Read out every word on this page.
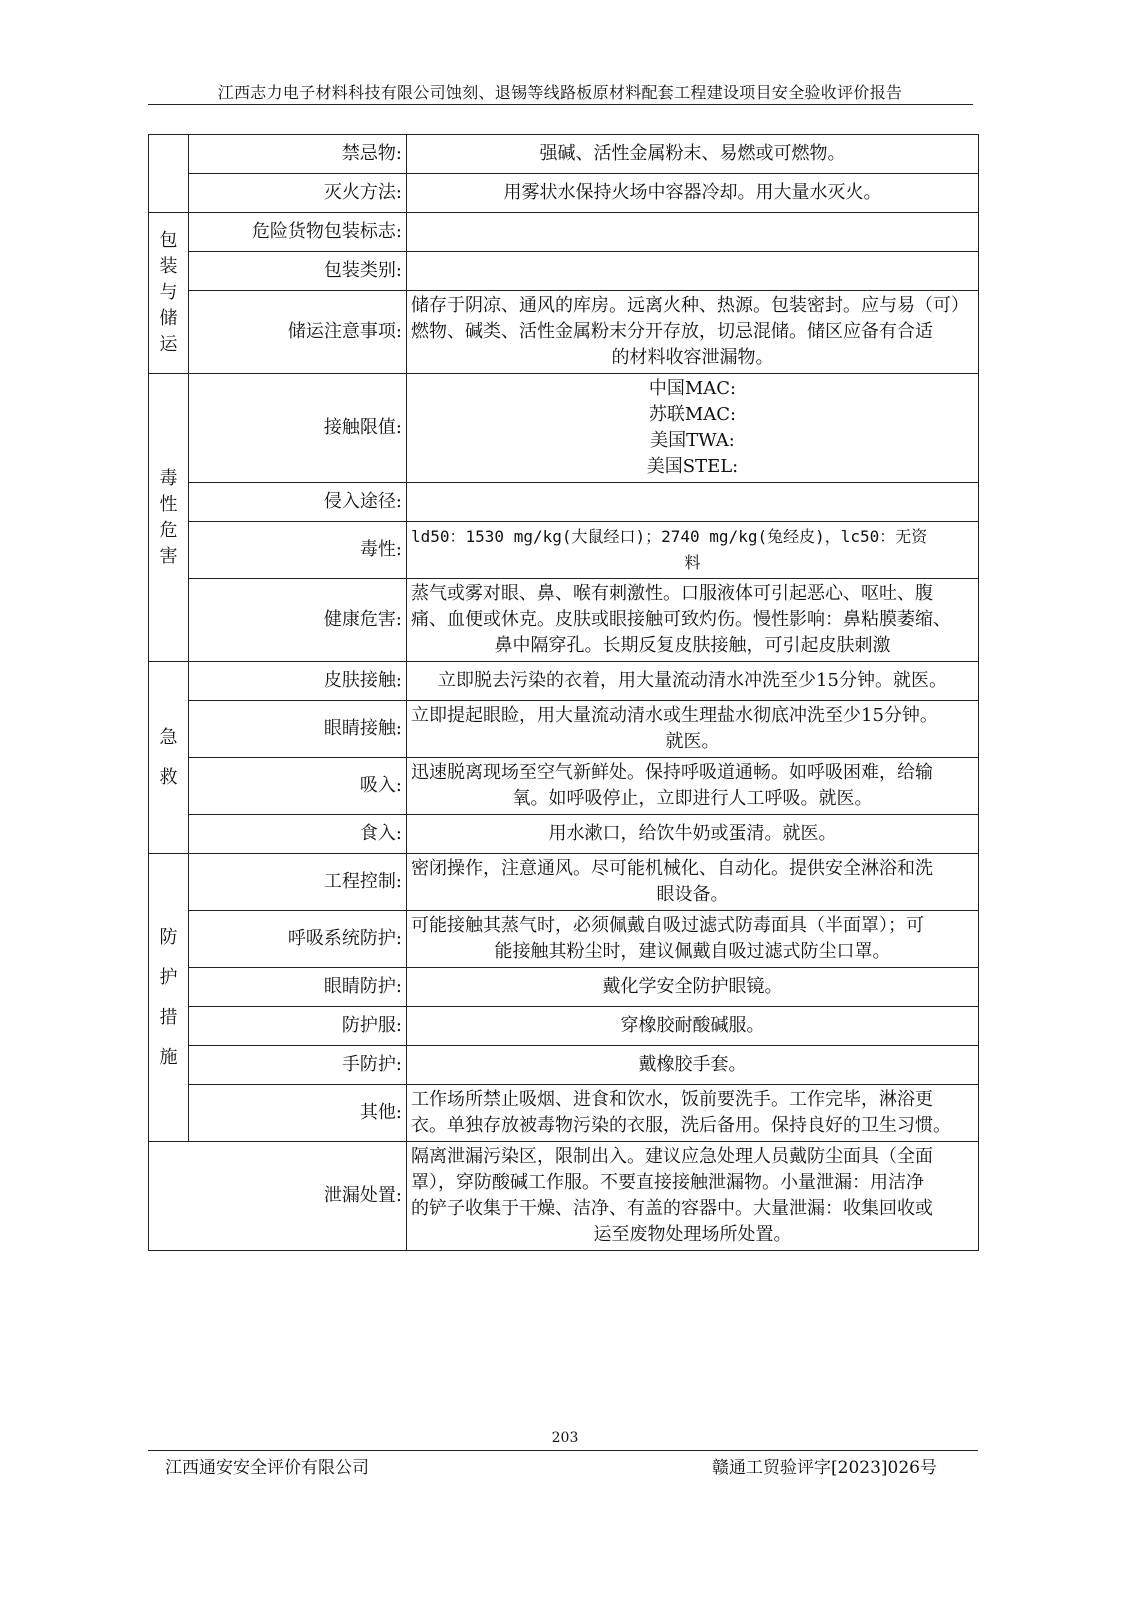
江西志力电子材料科技有限公司蚀刻、退锡等线路板原材料配套工程建设项目安全验收评价报告
	禁忌物:	强碱、活性金属粉末、易燃或可燃物。

	灭火方法:	用雾状水保持火场中容器冷却。用大量水灭火。

包装
与储
运	危险货物包装标志:	
	包装类别:	
	储运注意事项:	储存于阴凉、通风的库房。远离火种、热源。包装密封。应与易（可）
燃物、碱类、活性金属粉末分开存放，切忌混储。储区应备有合适
的材料收容泄漏物。

毒性
危害	接触限值:	中国MAC:
苏联MAC:
美国TWA:
美国STEL:

	侵入途径:	
	毒性:	ld50：1530 mg/kg(大鼠经口)；2740 mg/kg(兔经皮)，lc50：无资
料

	健康危害:	蒸气或雾对眼、鼻、喉有刺激性。口服液体可引起恶心、呕吐、腹
痛、血便或休克。皮肤或眼接触可致灼伤。慢性影响：鼻粘膜萎缩、
鼻中隔穿孔。长期反复皮肤接触，可引起皮肤刺激

急
救	皮肤接触:	立即脱去污染的衣着，用大量流动清水冲洗至少15分钟。就医。

	眼睛接触:	立即提起眼睑，用大量流动清水或生理盐水彻底冲洗至少15分钟。
就医。

	吸入:	迅速脱离现场至空气新鲜处。保持呼吸道通畅。如呼吸困难，给输
氧。如呼吸停止，立即进行人工呼吸。就医。

	食入:	用水漱口，给饮牛奶或蛋清。就医。

防
护
措
施	工程控制:	密闭操作，注意通风。尽可能机械化、自动化。提供安全淋浴和洗
眼设备。

	呼吸系统防护:	可能接触其蒸气时，必须佩戴自吸过滤式防毒面具（半面罩）；可
能接触其粉尘时，建议佩戴自吸过滤式防尘口罩。

	眼睛防护:	戴化学安全防护眼镜。

	防护服:	穿橡胶耐酸碱服。

	手防护:	戴橡胶手套。

	其他:	工作场所禁止吸烟、进食和饮水，饭前要洗手。工作完毕，淋浴更
衣。单独存放被毒物污染的衣服，洗后备用。保持良好的卫生习惯。

泄漏处置:		隔离泄漏污染区，限制出入。建议应急处理人员戴防尘面具（全面
罩），穿防酸碱工作服。不要直接接触泄漏物。小量泄漏：用洁净
的铲子收集于干燥、洁净、有盖的容器中。大量泄漏：收集回收或
运至废物处理场所处置。
203
江西通安安全评价有限公司	赣通工贸验评字[2023]026号
